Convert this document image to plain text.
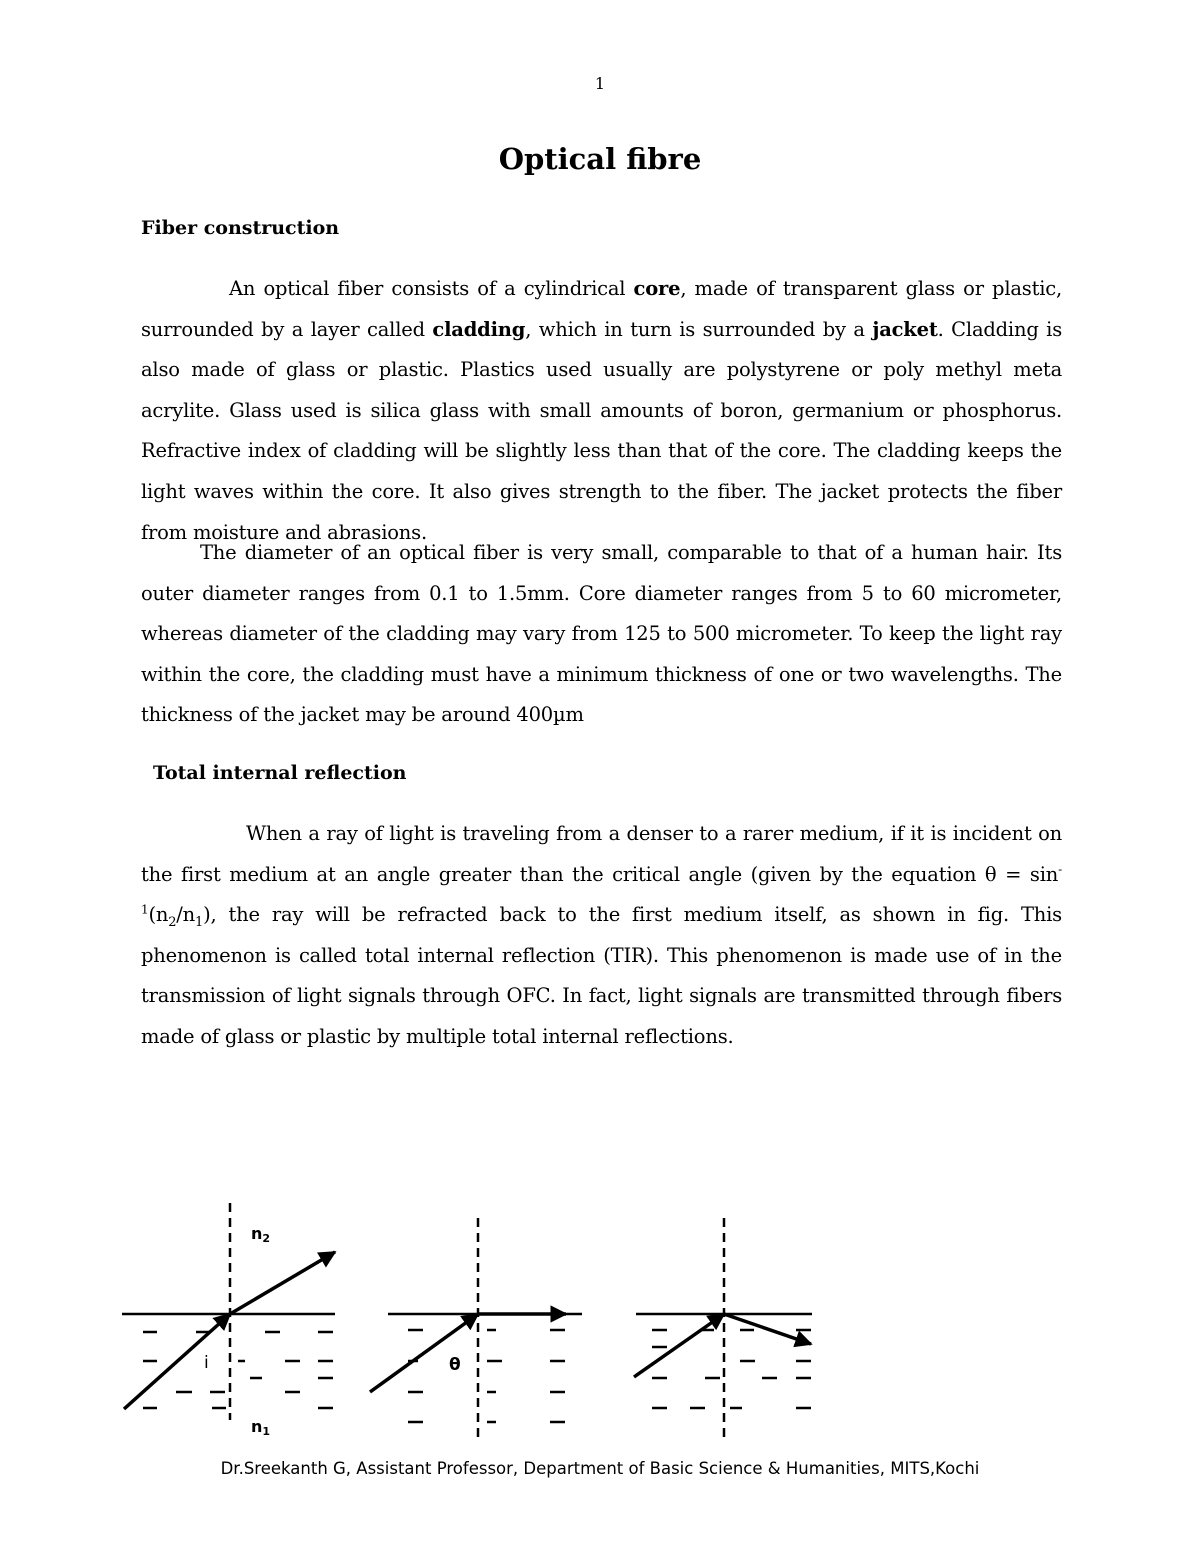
1
Optical fibre
Fiber construction

An optical fiber consists of a cylindrical core, made of transparent glass or plastic, surrounded by a layer called cladding, which in turn is surrounded by a jacket. Cladding is also made of glass or plastic. Plastics used usually are polystyrene or poly methyl meta acrylite. Glass used is silica glass with small amounts of boron, germanium or phosphorus. Refractive index of cladding will be slightly less than that of the core. The cladding keeps the light waves within the core. It also gives strength to the fiber. The jacket protects the fiber from moisture and abrasions.

The diameter of an optical fiber is very small, comparable to that of a human hair. Its outer diameter ranges from 0.1 to 1.5mm. Core diameter ranges from 5 to 60 micrometer, whereas diameter of the cladding may vary from 125 to 500 micrometer. To keep the light ray within the core, the cladding must have a minimum thickness of one or two wavelengths. The thickness of the jacket may be around 400µm

Total internal reflection

When a ray of light is traveling from a denser to a rarer medium, if it is incident on the first medium at an angle greater than the critical angle (given by the equation $\theta = \sin^{-1}(n_2/n_1)$, the ray will be refracted back to the first medium itself, as shown in fig. This phenomenon is called total internal reflection (TIR). This phenomenon is made use of in the transmission of light signals through OFC. In fact, light signals are transmitted through fibers made of glass or plastic by multiple total internal reflections.

n2
i
n1
θ
Dr.Sreekanth G, Assistant Professor, Department of Basic Science & Humanities, MITS,Kochi
